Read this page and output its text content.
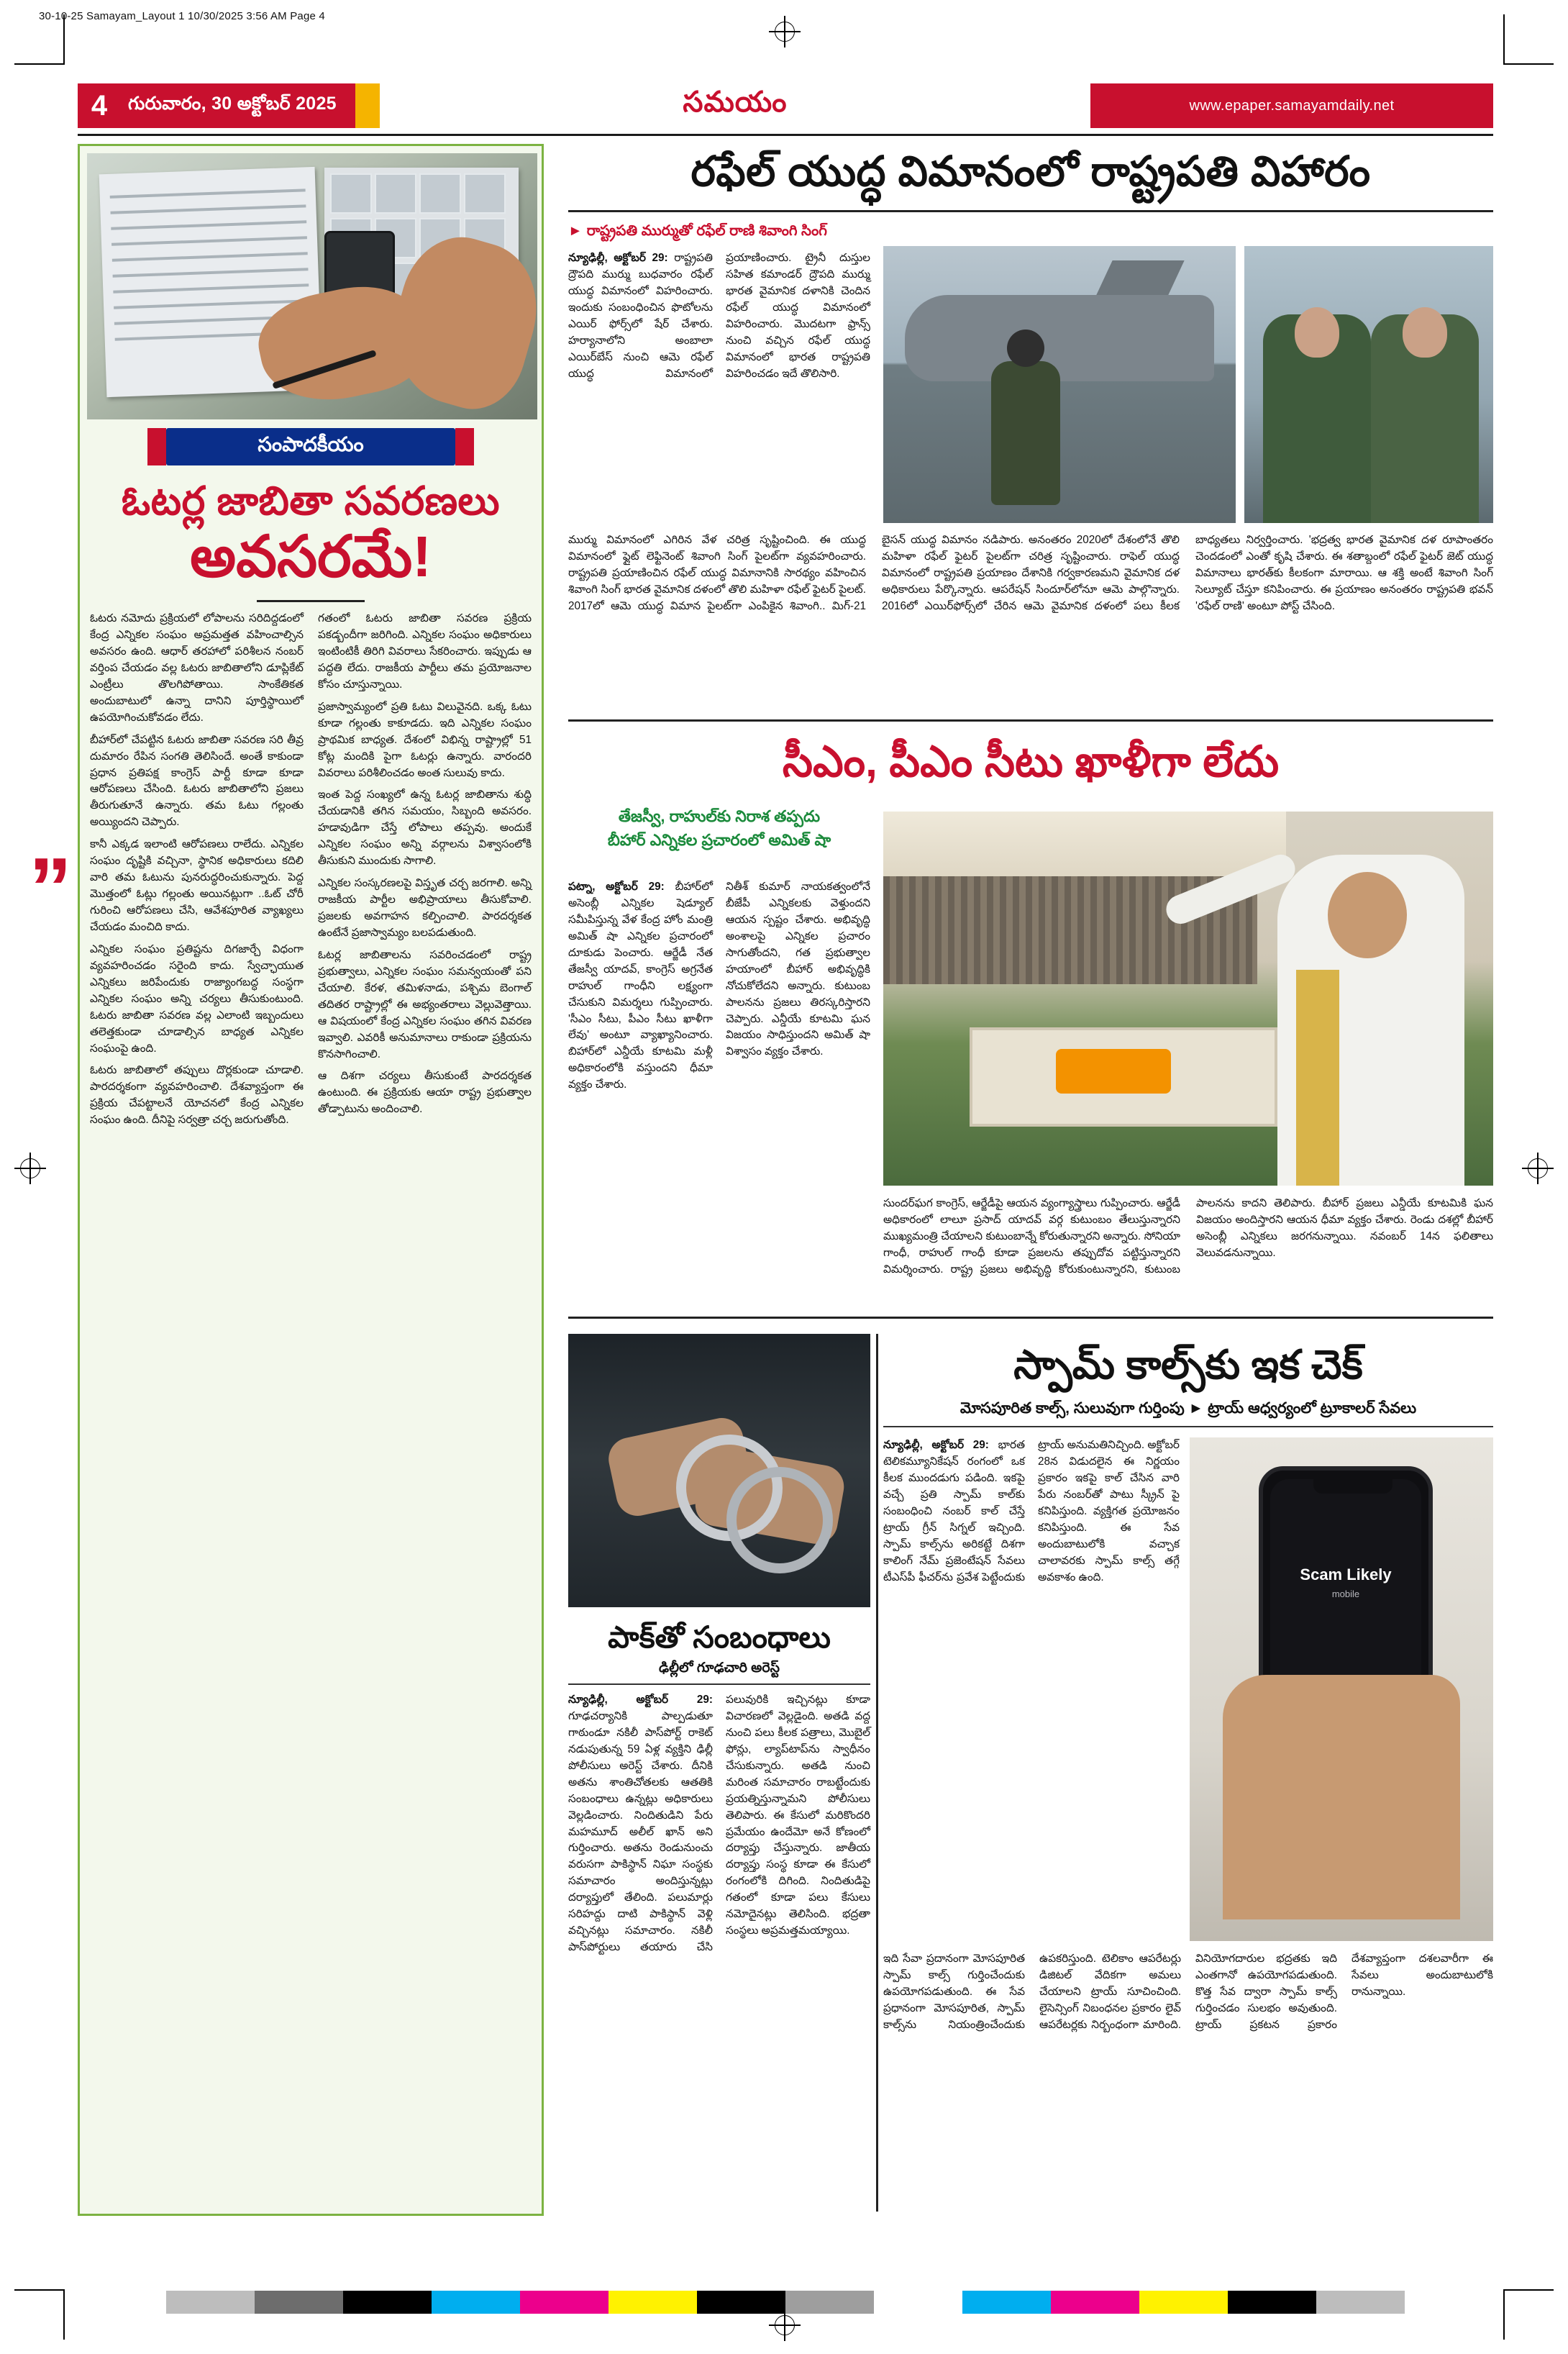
30-10-25 Samayam_Layout 1 10/30/2025 3:56 AM Page 4
4	గురువారం, 30 అక్టోబర్ 2025	సమయం	www.epaper.samayamdaily.net
సంపాదకీయం
ఓటర్ల జాబితా సవరణలు
అవసరమే!

ఓటరు నమోదు ప్రక్రియలో లోపాలను సరిదిద్దడంలో కేంద్ర ఎన్నికల సంఘం అప్రమత్తత వహించాల్సిన అవసరం ఉంది. ఆధార్ తరహాలో పరిశీలన నంబర్ వర్తింప చేయడం వల్ల ఓటరు జాబితాలోని డూప్లికేట్ ఎంట్రీలు తొలగిపోతాయి. సాంకేతికత అందుబాటులో ఉన్నా దానిని పూర్తిస్థాయిలో ఉపయోగించుకోవడం లేదు.

బీహార్‌లో చేపట్టిన ఓటరు జాబితా సవరణ సరి తీవ్ర దుమారం రేపిన సంగతి తెలిసిందే. అంతే కాకుండా ప్రధాన ప్రతిపక్ష కాంగ్రెస్ పార్టీ కూడా కూడా ఆరోపణలు చేసింది. ఓటరు జాబితాలోని ప్రజలు తీరుగుతూనే ఉన్నారు. తమ ఓటు గల్లంతు అయ్యిందని చెప్పారు.

కానీ ఎక్కడ ఇలాంటి ఆరోపణలు రాలేదు. ఎన్నికల సంఘం దృష్టికి వచ్చినా, స్థానిక అధికారులు కదిలి వారి తమ ఓటును పునరుద్ధరించుకున్నారు. పెద్ద మొత్తంలో ఓట్లు గల్లంతు అయినట్లుగా ..ఓట్ చోరీ గురించి ఆరోపణలు చేసి, ఆవేశపూరిత వ్యాఖ్యలు చేయడం మంచిది కాదు.

ఎన్నికల సంఘం ప్రతిష్టను దిగజార్చే విధంగా వ్యవహరించడం సరైంది కాదు. స్వేచ్ఛాయుత ఎన్నికలు జరిపేందుకు రాజ్యాంగబద్ధ సంస్థగా ఎన్నికల సంఘం అన్ని చర్యలు తీసుకుంటుంది. ఓటరు జాబితా సవరణ వల్ల ఎలాంటి ఇబ్బందులు తలెత్తకుండా చూడాల్సిన బాధ్యత ఎన్నికల సంఘంపై ఉంది.

ఓటరు జాబితాలో తప్పులు దొర్లకుండా చూడాలి. పారదర్శకంగా వ్యవహరించాలి. దేశవ్యాప్తంగా ఈ ప్రక్రియ చేపట్టాలనే యోచనలో కేంద్ర ఎన్నికల సంఘం ఉంది. దీనిపై సర్వత్రా చర్చ జరుగుతోంది.

గతంలో ఓటరు జాబితా సవరణ ప్రక్రియ పకడ్బందీగా జరిగింది. ఎన్నికల సంఘం అధికారులు ఇంటింటికీ తిరిగి వివరాలు సేకరించారు. ఇప్పుడు ఆ పద్ధతి లేదు. రాజకీయ పార్టీలు తమ ప్రయోజనాల కోసం చూస్తున్నాయి.

ప్రజాస్వామ్యంలో ప్రతి ఓటు విలువైనది. ఒక్క ఓటు కూడా గల్లంతు కాకూడదు. ఇది ఎన్నికల సంఘం ప్రాథమిక బాధ్యత. దేశంలో విభిన్న రాష్ట్రాల్లో 51 కోట్ల మందికి పైగా ఓటర్లు ఉన్నారు. వారందరి వివరాలు పరిశీలించడం అంత సులువు కాదు.

ఇంత పెద్ద సంఖ్యలో ఉన్న ఓటర్ల జాబితాను శుద్ధి చేయడానికి తగిన సమయం, సిబ్బంది అవసరం. హడావుడిగా చేస్తే లోపాలు తప్పవు. అందుకే ఎన్నికల సంఘం అన్ని వర్గాలను విశ్వాసంలోకి తీసుకుని ముందుకు సాగాలి.

ఎన్నికల సంస్కరణలపై విస్తృత చర్చ జరగాలి. అన్ని రాజకీయ పార్టీల అభిప్రాయాలు తీసుకోవాలి. ప్రజలకు అవగాహన కల్పించాలి. పారదర్శకత ఉంటేనే ప్రజాస్వామ్యం బలపడుతుంది.

ఓటర్ల జాబితాలను సవరించడంలో రాష్ట్ర ప్రభుత్వాలు, ఎన్నికల సంఘం సమన్వయంతో పని చేయాలి. కేరళ, తమిళనాడు, పశ్చిమ బెంగాల్ తదితర రాష్ట్రాల్లో ఈ అభ్యంతరాలు వెల్లువెత్తాయి. ఆ విషయంలో కేంద్ర ఎన్నికల సంఘం తగిన వివరణ ఇవ్వాలి. ఎవరికీ అనుమానాలు రాకుండా ప్రక్రియను కొనసాగించాలి.

ఆ దిశగా చర్యలు తీసుకుంటే పారదర్శకత ఉంటుంది. ఈ ప్రక్రియకు ఆయా రాష్ట్ర ప్రభుత్వాల తోడ్పాటును అందించాలి.

”
రఫేల్ యుద్ధ విమానంలో రాష్ట్రపతి విహారం
► రాష్ట్రపతి ముర్ముతో రఫేల్ రాణి శివాంగి సింగ్

న్యూఢిల్లీ, అక్టోబర్ 29: రాష్ట్రపతి ద్రౌపది ముర్ము బుధవారం రఫేల్ యుద్ధ విమానంలో విహరించారు. ఇందుకు సంబంధించిన ఫొటోలను ఎయిర్ ఫోర్స్‌లో షేర్ చేశారు. హర్యానాలోని అంబాలా ఎయిర్‌బేస్ నుంచి ఆమె రఫేల్ యుద్ధ విమానంలో ప్రయాణించారు. ట్రైనీ దుస్తుల సహిత కమాండర్ ద్రౌపది ముర్ము భారత వైమానిక దళానికి చెందిన రఫేల్ యుద్ధ విమానంలో విహరించారు. మొదటగా ఫ్రాన్స్ నుంచి వచ్చిన రఫేల్ యుద్ధ విమానంలో భారత రాష్ట్రపతి విహరించడం ఇదే తొలిసారి.

ముర్ము విమానంలో ఎగిరిన వేళ చరిత్ర సృష్టించింది. ఈ యుద్ధ విమానంలో ఫ్లైట్ లెఫ్టినెంట్ శివాంగి సింగ్ పైలట్‌గా వ్యవహరించారు. రాష్ట్రపతి ప్రయాణించిన రఫేల్ యుద్ధ విమానానికి సారథ్యం వహించిన శివాంగి సింగ్ భారత వైమానిక దళంలో తొలి మహిళా రఫేల్ ఫైటర్ పైలట్. 2017లో ఆమె యుద్ధ విమాన పైలట్‌గా ఎంపికైన శివాంగి.. మిగ్-21 బైసన్ యుద్ధ విమానం నడిపారు. అనంతరం 2020లో దేశంలోనే తొలి మహిళా రఫేల్ ఫైటర్ పైలట్‌గా చరిత్ర సృష్టించారు. రాఫెల్ యుద్ధ విమానంలో రాష్ట్రపతి ప్రయాణం దేశానికి గర్వకారణమని వైమానిక దళ అధికారులు పేర్కొన్నారు. ఆపరేషన్ సిందూర్‌లోనూ ఆమె పాల్గొన్నారు. 2016లో ఎయిర్‌ఫోర్స్‌లో చేరిన ఆమె వైమానిక దళంలో పలు కీలక బాధ్యతలు నిర్వర్తించారు. 'భద్రత్వ భారత వైమానిక దళ రూపాంతరం చెందడంలో ఎంతో కృషి చేశారు. ఈ శతాబ్దంలో రఫేల్ ఫైటర్ జెట్ యుద్ధ విమానాలు భారత్‌కు కీలకంగా మారాయి. ఆ శక్తి అంటే శివాంగి సింగ్ సెల్యూట్ చేస్తూ కనిపించారు. ఈ ప్రయాణం అనంతరం రాష్ట్రపతి భవన్ 'రఫేల్ రాణి' అంటూ పోస్ట్ చేసింది.

సీఎం, పీఎం సీటు ఖాళీగా లేదు
తేజస్వీ, రాహుల్‌కు నిరాశ తప్పదు
బీహార్ ఎన్నికల ప్రచారంలో అమిత్ షా

పట్నా, అక్టోబర్ 29: బీహార్‌లో అసెంబ్లీ ఎన్నికల షెడ్యూల్ సమీపిస్తున్న వేళ కేంద్ర హోం మంత్రి అమిత్ షా ఎన్నికల ప్రచారంలో దూకుడు పెంచారు. ఆర్జేడీ నేత తేజస్వీ యాదవ్, కాంగ్రెస్ అగ్రనేత రాహుల్ గాంధీని లక్ష్యంగా చేసుకుని విమర్శలు గుప్పించారు. 'సీఎం సీటు, పీఎం సీటు ఖాళీగా లేవు' అంటూ వ్యాఖ్యానించారు. బిహార్‌లో ఎన్డీయే కూటమి మళ్లీ అధికారంలోకి వస్తుందని ధీమా వ్యక్తం చేశారు.

నితీశ్ కుమార్ నాయకత్వంలోనే బీజేపీ ఎన్నికలకు వెళ్తుందని ఆయన స్పష్టం చేశారు. అభివృద్ధి అంశాలపై ఎన్నికల ప్రచారం సాగుతోందని, గత ప్రభుత్వాల హయాంలో బీహార్ అభివృద్ధికి నోచుకోలేదని అన్నారు. కుటుంబ పాలనను ప్రజలు తిరస్కరిస్తారని చెప్పారు. ఎన్డీయే కూటమి ఘన విజయం సాధిస్తుందని అమిత్ షా విశ్వాసం వ్యక్తం చేశారు.

సుందర్‌ఘగ కాంగ్రెస్, ఆర్జేడీపై ఆయన వ్యంగ్యాస్త్రాలు గుప్పించారు. ఆర్జేడీ అధికారంలో లాలూ ప్రసాద్ యాదవ్ వర్గ కుటుంబం తేలుస్తున్నారని ముఖ్యమంత్రి చేయాలని కుటుంబాన్నే కోరుతున్నారని అన్నారు. సోనియా గాంధీ, రాహుల్ గాంధీ కూడా ప్రజలను తప్పుదోవ పట్టిస్తున్నారని విమర్శించారు. రాష్ట్ర ప్రజలు అభివృద్ధి కోరుకుంటున్నారని, కుటుంబ పాలనను కాదని తెలిపారు. బీహార్ ప్రజలు ఎన్డీయే కూటమికి ఘన విజయం అందిస్తారని ఆయన ధీమా వ్యక్తం చేశారు. రెండు దశల్లో బీహార్ అసెంబ్లీ ఎన్నికలు జరగనున్నాయి. నవంబర్ 14న ఫలితాలు వెలువడనున్నాయి.

పాక్‌తో సంబంధాలు
ఢిల్లీలో గూఢచారి అరెస్ట్

న్యూఢిల్లీ, అక్టోబర్ 29: గూఢచర్యానికి పాల్పడుతూ గాఠుండూ నకిలీ పాస్‌పోర్ట్ రాకెట్ నడుపుతున్న 59 ఏళ్ల వ్యక్తిని ఢిల్లీ పోలీసులు అరెస్ట్ చేశారు. దీనికి అతను శాంతిచోతలకు ఆతతికి సంబంధాలు ఉన్నట్లు అధికారులు వెల్లడించారు. నిందితుడిని పేరు మహమూద్ అలీల్ ఖాన్ అని గుర్తించారు. అతను రెండునుంచు వరుసగా పాకిస్థాన్ నిఘా సంస్థకు సమాచారం అందిస్తున్నట్లు దర్యాప్తులో తేలింది. పలుమార్లు సరిహద్దు దాటి పాకిస్థాన్ వెళ్లి వచ్చినట్లు సమాచారం. నకిలీ పాస్‌పోర్టులు తయారు చేసి పలువురికి ఇచ్చినట్లు కూడా విచారణలో వెల్లడైంది. అతడి వద్ద నుంచి పలు కీలక పత్రాలు, మొబైల్ ఫోన్లు, ల్యాప్‌టాప్‌ను స్వాధీనం చేసుకున్నారు. అతడి నుంచి మరింత సమాచారం రాబట్టేందుకు ప్రయత్నిస్తున్నామని పోలీసులు తెలిపారు. ఈ కేసులో మరికొందరి ప్రమేయం ఉందేమో అనే కోణంలో దర్యాప్తు చేస్తున్నారు. జాతీయ దర్యాప్తు సంస్థ కూడా ఈ కేసులో రంగంలోకి దిగింది. నిందితుడిపై గతంలో కూడా పలు కేసులు నమోదైనట్లు తెలిసింది. భద్రతా సంస్థలు అప్రమత్తమయ్యాయి.

స్పామ్ కాల్స్‌కు ఇక చెక్
మోసపూరిత కాల్స్, సులువుగా గుర్తింపు ► ట్రాయ్ ఆధ్వర్యంలో ట్రూకాలర్ సేవలు

న్యూఢిల్లీ, అక్టోబర్ 29: భారత టెలికమ్యూనికేషన్ రంగంలో ఒక కీలక ముందడుగు పడింది. ఇకపై వచ్చే ప్రతి స్పామ్ కాల్‌కు సంబంధించి నంబర్ కాల్ చేస్తే ట్రాయ్ గ్రీన్ సిగ్నల్ ఇచ్చింది. స్పామ్ కాల్స్‌ను అరికట్టే దిశగా కాలింగ్ నేమ్ ప్రజెంటేషన్ సేవలు టీఎస్‌పీ ఫీచర్‌ను ప్రవేశ పెట్టేందుకు ట్రాయ్ అనుమతినిచ్చింది. అక్టోబర్ 28న విడుదలైన ఈ నిర్ణయం ప్రకారం ఇకపై కాల్ చేసిన వారి పేరు నంబర్‌తో పాటు స్క్రీన్ పై కనిపిస్తుంది. వ్యక్తిగత ప్రయోజనం కనిపిస్తుంది. ఈ సేవ అందుబాటులోకి వచ్చాక చాలావరకు స్పామ్ కాల్స్ తగ్గే అవకాశం ఉంది.	Scam Likely
mobile

ఇది సేవా ప్రదానంగా మోసపూరిత స్పామ్ కాల్స్ గుర్తించేందుకు ఉపయోగపడుతుంది. ఈ సేవ ప్రధానంగా మోసపూరిత, స్పామ్ కాల్స్‌ను నియంత్రించేందుకు ఉపకరిస్తుంది. టెలికాం ఆపరేటర్లు డిజిటల్ వేదికగా అమలు చేయాలని ట్రాయ్ సూచించింది. లైసెన్సింగ్ నిబంధనల ప్రకారం లైవ్ ఆపరేటర్లకు నిర్బంధంగా మారింది. వినియోగదారుల భద్రతకు ఇది ఎంతగానో ఉపయోగపడుతుంది. కొత్త సేవ ద్వారా స్పామ్ కాల్స్ గుర్తించడం సులభం అవుతుంది. ట్రాయ్ ప్రకటన ప్రకారం దేశవ్యాప్తంగా దశలవారీగా ఈ సేవలు అందుబాటులోకి రానున్నాయి.
